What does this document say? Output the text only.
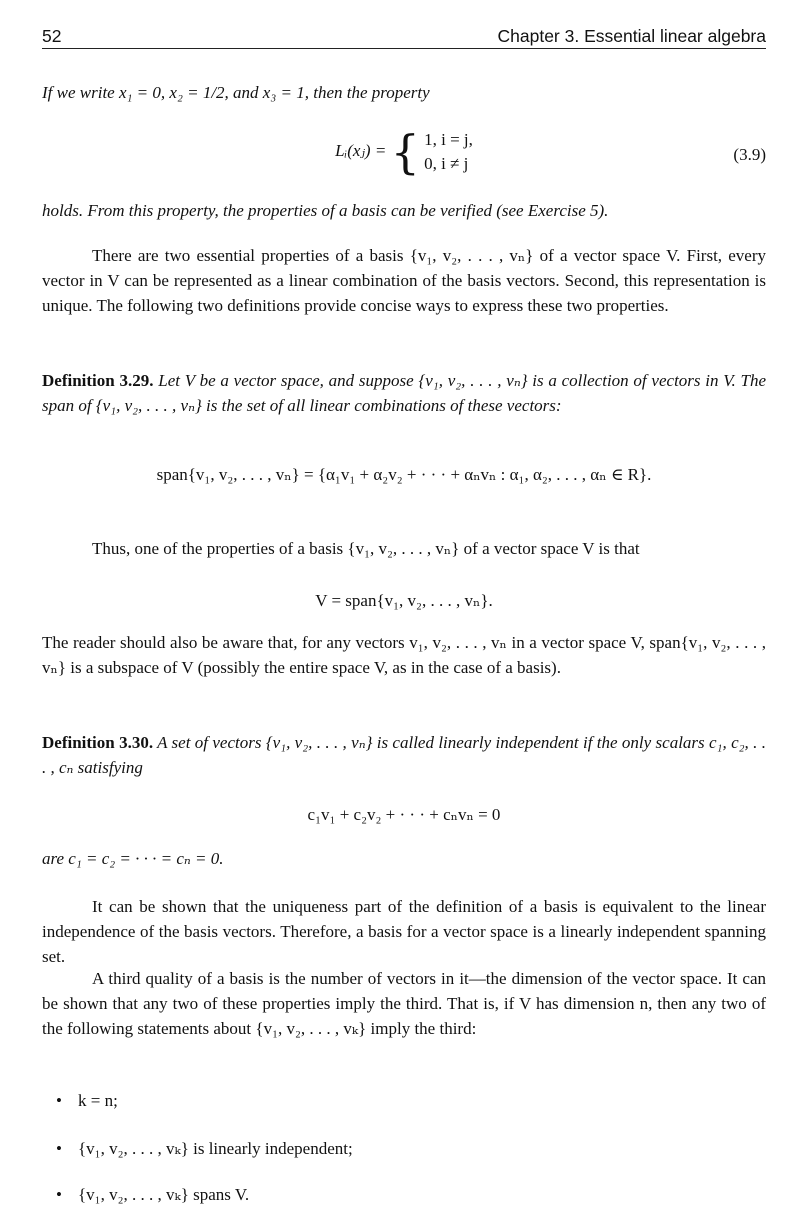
52	Chapter 3. Essential linear algebra

If we write x₁ = 0, x₂ = 1/2, and x₃ = 1, then the property

Lᵢ(xⱼ) = { 1, i = j,
0, i ≠ j	(3.9)

holds. From this property, the properties of a basis can be verified (see Exercise 5).

There are two essential properties of a basis {v₁, v₂, . . . , vₙ} of a vector space V. First, every vector in V can be represented as a linear combination of the basis vectors. Second, this representation is unique. The following two definitions provide concise ways to express these two properties.

Definition 3.29. Let V be a vector space, and suppose {v₁, v₂, . . . , vₙ} is a collection of vectors in V. The span of {v₁, v₂, . . . , vₙ} is the set of all linear combinations of these vectors:

span{v₁, v₂, . . . , vₙ} = {α₁v₁ + α₂v₂ + · · · + αₙvₙ : α₁, α₂, . . . , αₙ ∈ R}.

Thus, one of the properties of a basis {v₁, v₂, . . . , vₙ} of a vector space V is that

V = span{v₁, v₂, . . . , vₙ}.

The reader should also be aware that, for any vectors v₁, v₂, . . . , vₙ in a vector space V, span{v₁, v₂, . . . , vₙ} is a subspace of V (possibly the entire space V, as in the case of a basis).

Definition 3.30. A set of vectors {v₁, v₂, . . . , vₙ} is called linearly independent if the only scalars c₁, c₂, . . . , cₙ satisfying

c₁v₁ + c₂v₂ + · · · + cₙvₙ = 0

are c₁ = c₂ = · · · = cₙ = 0.

It can be shown that the uniqueness part of the definition of a basis is equivalent to the linear independence of the basis vectors. Therefore, a basis for a vector space is a linearly independent spanning set.

A third quality of a basis is the number of vectors in it—the dimension of the vector space. It can be shown that any two of these properties imply the third. That is, if V has dimension n, then any two of the following statements about {v₁, v₂, . . . , vₖ} imply the third:

• k = n;

• {v₁, v₂, . . . , vₖ} is linearly independent;

• {v₁, v₂, . . . , vₖ} spans V.
